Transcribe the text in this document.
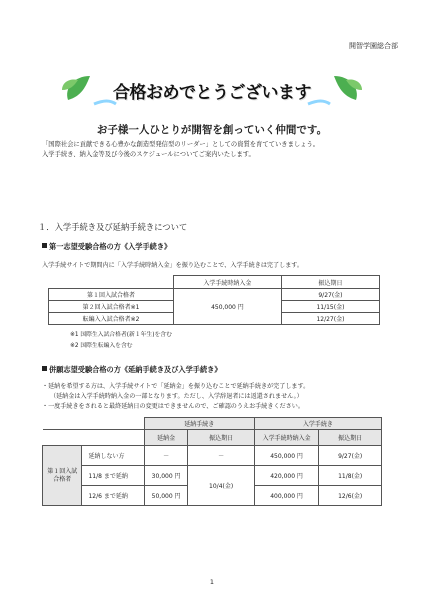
開智学園総合部
合格おめでとうございます
お子様一人ひとりが開智を創っていく仲間です。
「国際社会に貢献できる心豊かな創造型発信型のリーダー」としての資質を育てていきましょう。
入学手続き、納入金等及び今後のスケジュールについてご案内いたします。
１．入学手続き及び延納手続きについて
第一志望受験合格の方《入学手続き》
入学手続サイトで期間内に「入学手続時納入金」を振り込むことで、入学手続きは完了します。
	入学手続時納入金	振込期日
第１回入試合格者	450,000 円	9/27(金)
第２回入試合格者※1		11/15(金)
転編入入試合格者※2		12/27(金)
※1 国際生入試合格者(新１年生)を含む
※2 国際生転編入を含む
併願志望受験合格の方《延納手続き及び入学手続き》
・延納を希望する方は、入学手続サイトで「延納金」を振り込むことで延納手続きが完了します。
（延納金は入学手続時納入金の一部となります。ただし、入学辞退者には返還されません。）
・一度手続きをされると最終延納日の変更はできませんので、ご確認のうえお手続きください。
		延納手続き		入学手続き	
		延納金	振込期日	入学手続時納入金	振込期日
第１回入試合格者	延納しない方	－	－	450,000 円	9/27(金)
	11/8 まで延納	30,000 円	10/4(金)	420,000 円	11/8(金)
	12/6 まで延納	50,000 円		400,000 円	12/6(金)
1
